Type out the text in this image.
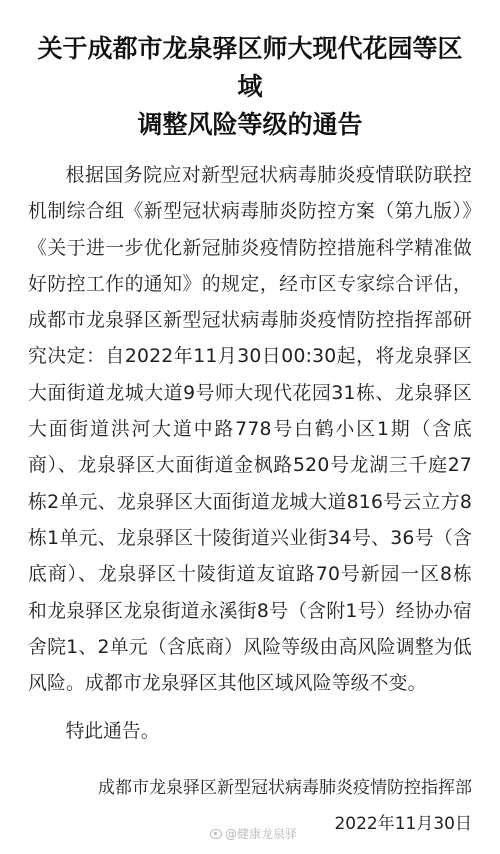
关于成都市龙泉驿区师大现代花园等区域
调整风险等级的通告

根据国务院应对新型冠状病毒肺炎疫情联防联控机制综合组《新型冠状病毒肺炎防控方案（第九版）》《关于进一步优化新冠肺炎疫情防控措施科学精准做好防控工作的通知》的规定，经市区专家综合评估，成都市龙泉驿区新型冠状病毒肺炎疫情防控指挥部研究决定：自2022年11月30日00:30起，将龙泉驿区大面街道龙城大道9号师大现代花园31栋、龙泉驿区大面街道洪河大道中路778号白鹤小区1期（含底商）、龙泉驿区大面街道金枫路520号龙湖三千庭27栋2单元、龙泉驿区大面街道龙城大道816号云立方8栋1单元、龙泉驿区十陵街道兴业街34号、36号（含底商）、龙泉驿区十陵街道友谊路70号新园一区8栋和龙泉驿区龙泉街道永溪街8号（含附1号）经协办宿舍院1、2单元（含底商）风险等级由高风险调整为低风险。成都市龙泉驿区其他区域风险等级不变。

特此通告。

成都市龙泉驿区新型冠状病毒肺炎疫情防控指挥部
@健康龙泉驿 2022年11月30日
